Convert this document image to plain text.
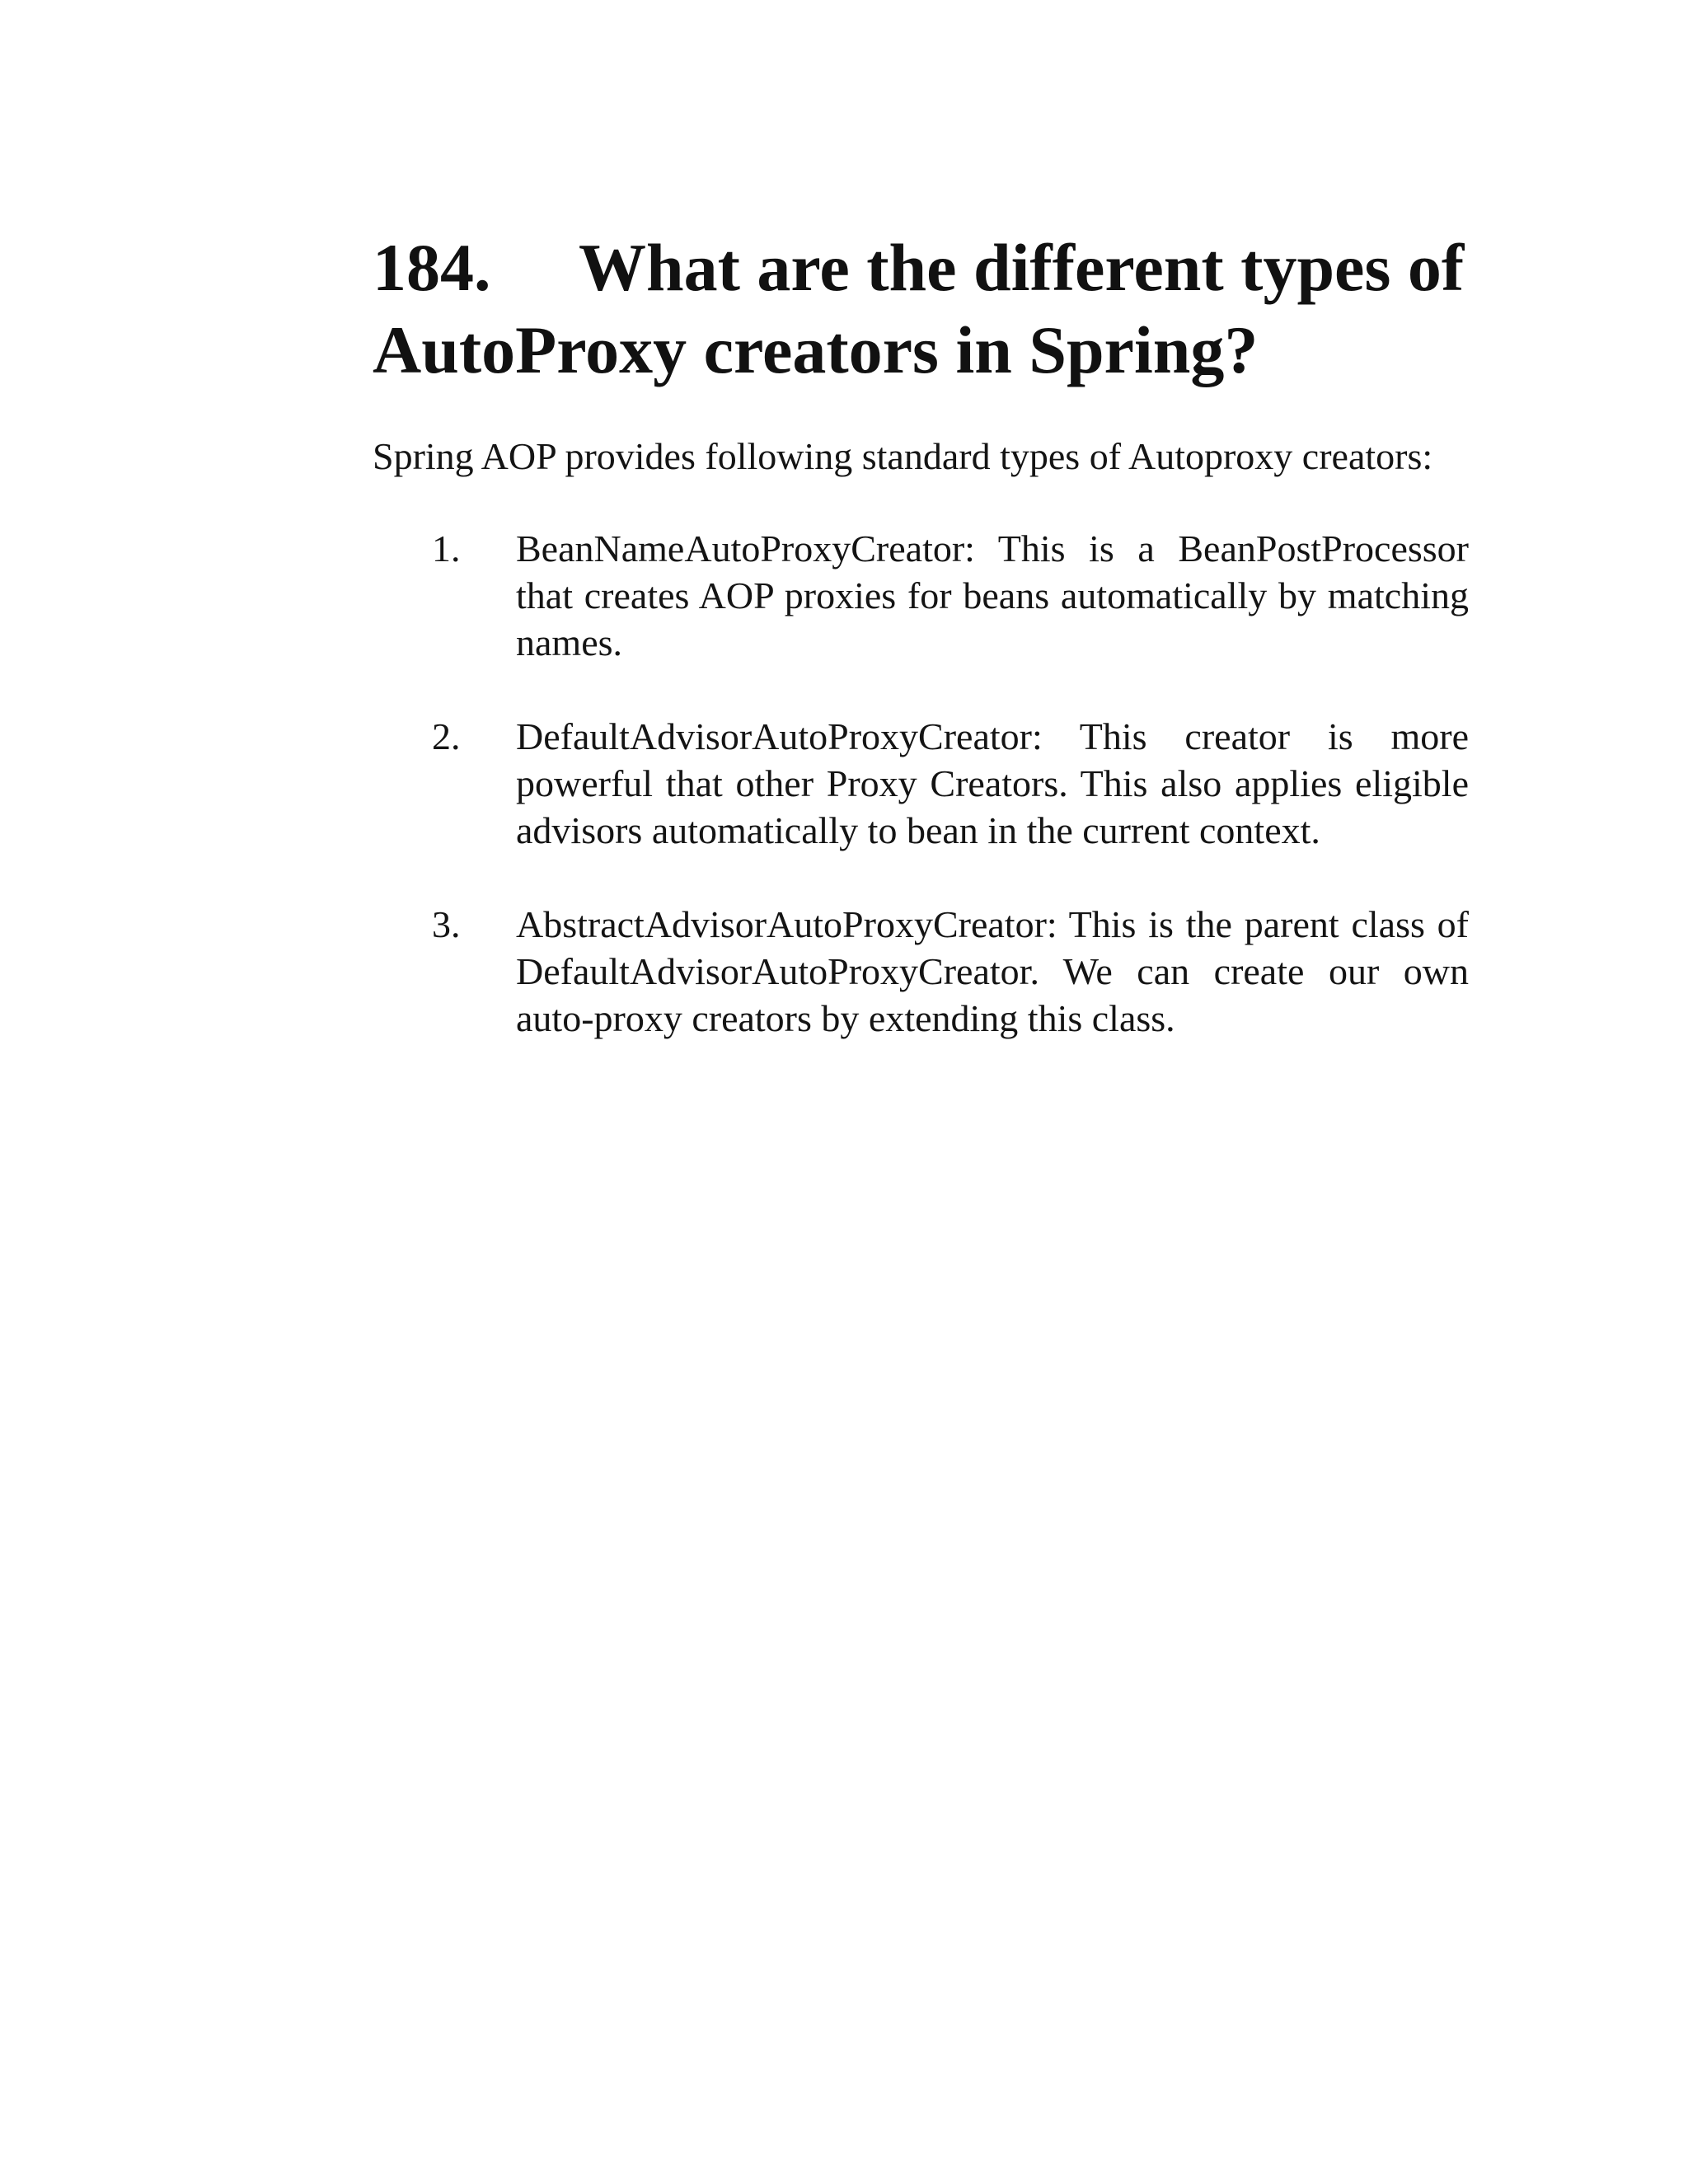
184. What are the different types of
AutoProxy creators in Spring?

Spring AOP provides following standard types of Autoproxy creators:

1. BeanNameAutoProxyCreator: This is a BeanPostProcessor that creates AOP proxies for beans automatically by matching names.
2. DefaultAdvisorAutoProxyCreator: This creator is more powerful that other Proxy Creators. This also applies eligible advisors automatically to bean in the current context.
3. AbstractAdvisorAutoProxyCreator: This is the parent class of DefaultAdvisorAutoProxyCreator. We can create our own auto-proxy creators by extending this class.
